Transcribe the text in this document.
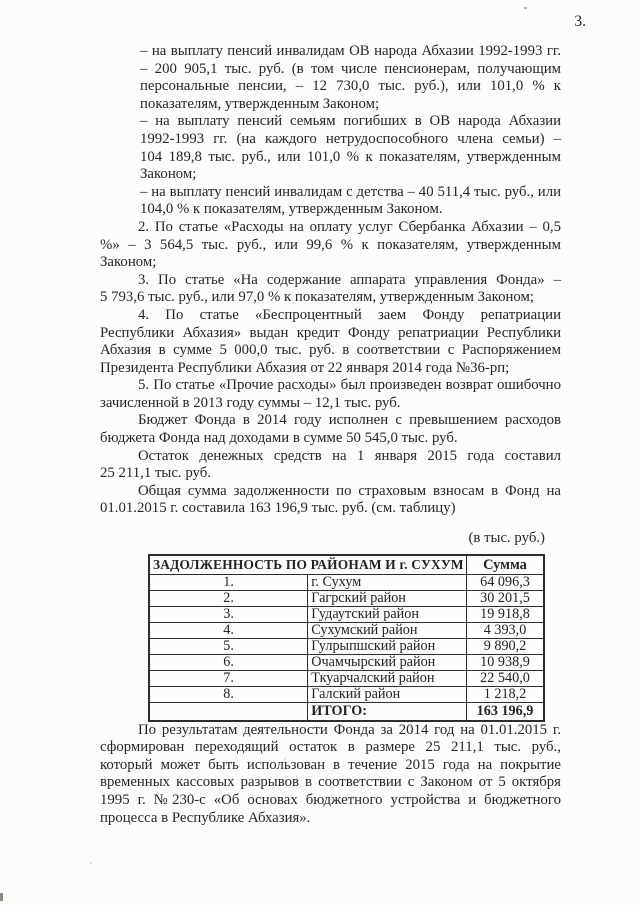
3.

– на выплату пенсий инвалидам ОВ народа Абхазии 1992-1993 гг. – 200 905,1 тыс. руб. (в том числе пенсионерам, получающим персональные пенсии, – 12 730,0 тыс. руб.), или 101,0 % к показателям, утвержденным Законом;

– на выплату пенсий семьям погибших в ОВ народа Абхазии 1992-1993 гг. (на каждого нетрудоспособного члена семьи) – 104 189,8 тыс. руб., или 101,0 % к показателям, утвержденным Законом;

– на выплату пенсий инвалидам с детства – 40 511,4 тыс. руб., или 104,0 % к показателям, утвержденным Законом.

2. По статье «Расходы на оплату услуг Сбербанка Абхазии – 0,5 %» – 3 564,5 тыс. руб., или 99,6 % к показателям, утвержденным Законом;

3. По статье «На содержание аппарата управления Фонда» – 5 793,6 тыс. руб., или 97,0 % к показателям, утвержденным Законом;

4. По статье «Беспроцентный заем Фонду репатриации Республики Абхазия» выдан кредит Фонду репатриации Республики Абхазия в сумме 5 000,0 тыс. руб. в соответствии с Распоряжением Президента Республики Абхазия от 22 января 2014 года №36-рп;

5. По статье «Прочие расходы» был произведен возврат ошибочно зачисленной в 2013 году суммы – 12,1 тыс. руб.

Бюджет Фонда в 2014 году исполнен с превышением расходов бюджета Фонда над доходами в сумме 50 545,0 тыс. руб.

Остаток денежных средств на 1 января 2015 года составил 25 211,1 тыс. руб.

Общая сумма задолженности по страховым взносам в Фонд на 01.01.2015 г. составила 163 196,9 тыс. руб. (см. таблицу)

(в тыс. руб.)
ЗАДОЛЖЕННОСТЬ ПО РАЙОНАМ И г. СУХУМ		Сумма
1.	г. Сухум	64 096,3
2.	Гагрский район	30 201,5
3.	Гудаутский район	19 918,8
4.	Сухумский район	4 393,0
5.	Гулрыпшский район	9 890,2
6.	Очамчырский район	10 938,9
7.	Ткуарчалский район	22 540,0
8.	Галский район	1 218,2
	ИТОГО:	163 196,9

По результатам деятельности Фонда за 2014 год на 01.01.2015 г. сформирован переходящий остаток в размере 25 211,1 тыс. руб., который может быть использован в течение 2015 года на покрытие временных кассовых разрывов в соответствии с Законом от 5 октября 1995 г. №230-с «Об основах бюджетного устройства и бюджетного процесса в Республике Абхазия».
